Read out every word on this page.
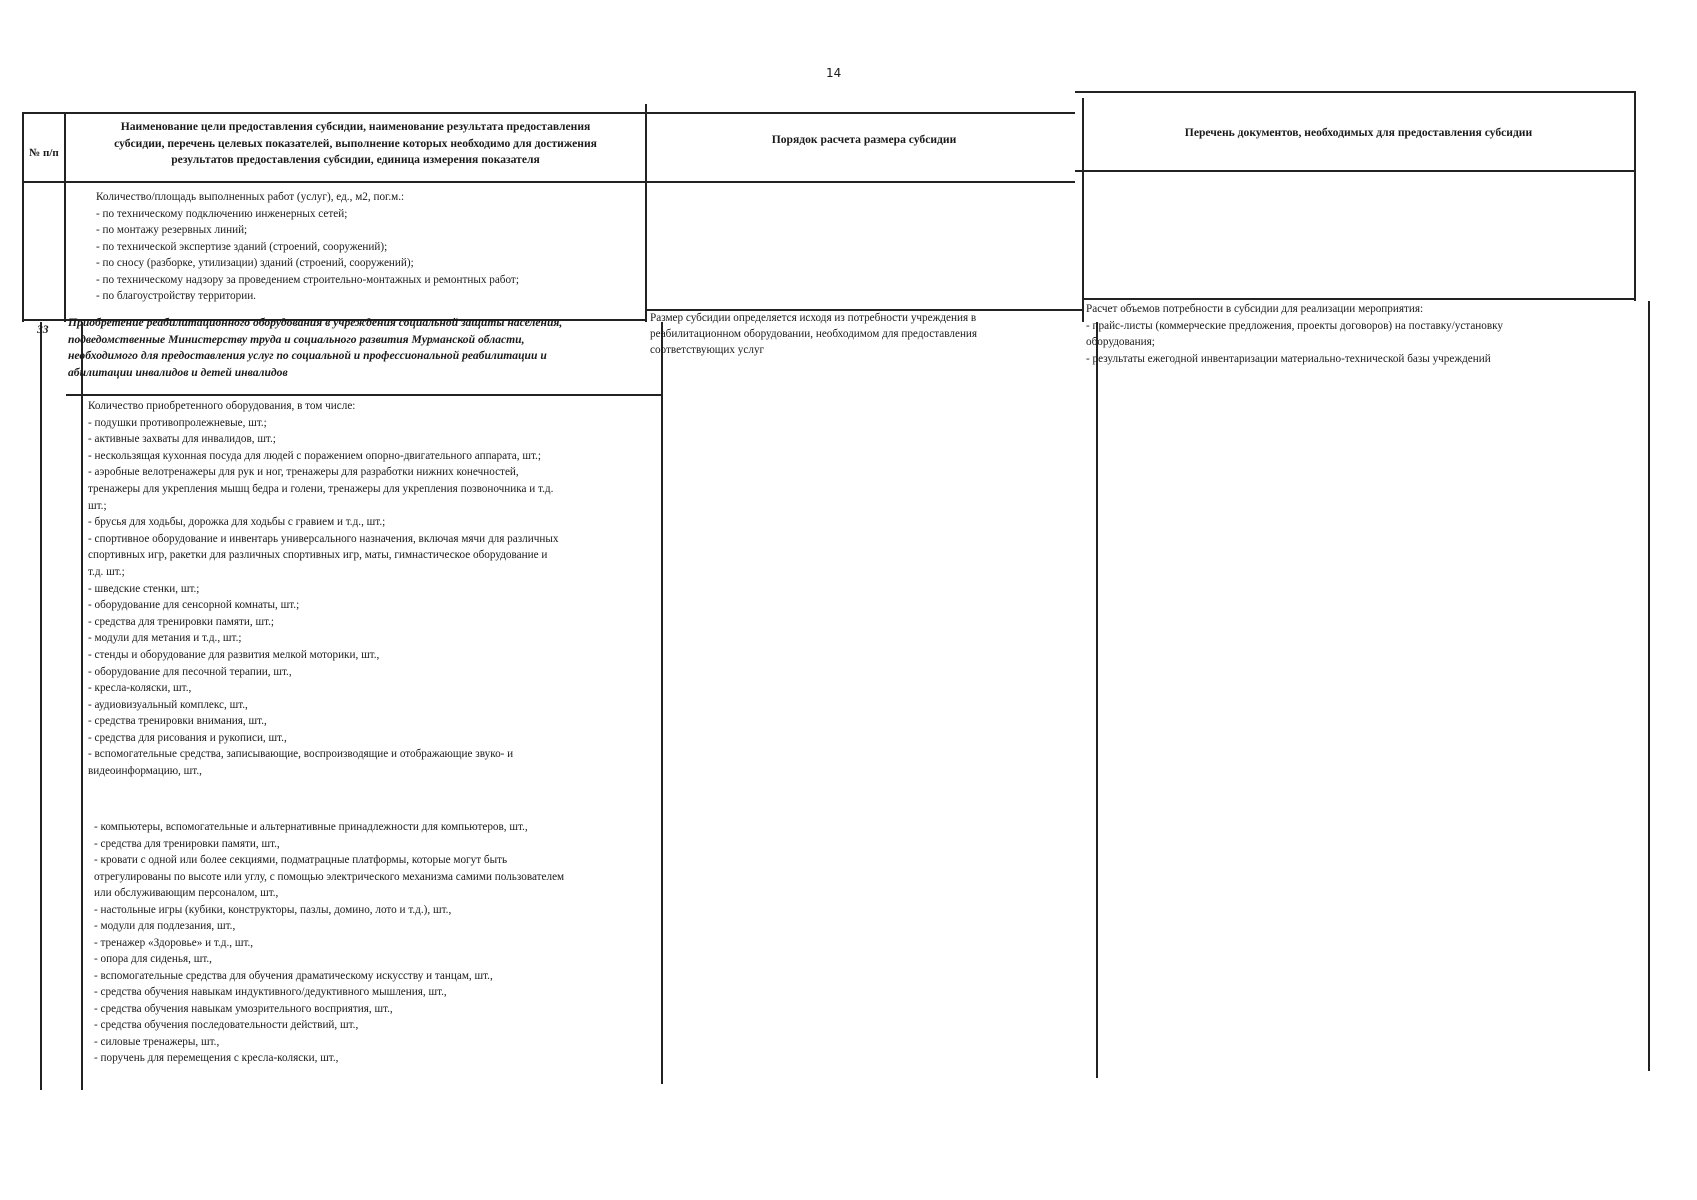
14
№ п/п
Наименование цели предоставления субсидии, наименование результата предоставления
субсидии, перечень целевых показателей, выполнение которых необходимо для достижения
результатов предоставления субсидии, единица измерения показателя
Порядок расчета размера субсидии
Перечень документов, необходимых для предоставления субсидии
Количество/площадь выполненных работ (услуг), ед., м2, пог.м.:
- по техническому подключению инженерных сетей;
- по монтажу резервных линий;
- по технической экспертизе зданий (строений, сооружений);
- по сносу (разборке, утилизации) зданий (строений, сооружений);
- по техническому надзору за проведением строительно-монтажных и ремонтных работ;
- по благоустройству территории.
33
Приобретение реабилитационного оборудования в учреждения социальной защиты населения,
подведомственные Министерству труда и социального развития Мурманской области,
необходимого для предоставления услуг по социальной и профессиональной реабилитации и
абилитации инвалидов и детей инвалидов
Размер субсидии определяется исходя из потребности учреждения в
реабилитационном оборудовании, необходимом для предоставления
соответствующих услуг
Расчет объемов потребности в субсидии для реализации мероприятия:
- прайс-листы (коммерческие предложения, проекты договоров) на поставку/установку
оборудования;
- результаты ежегодной инвентаризации материально-технической базы учреждений
Количество приобретенного оборудования, в том числе:
- подушки противопролежневые, шт.;
- активные захваты для инвалидов, шт.;
- нескользящая кухонная посуда для людей с поражением опорно-двигательного аппарата, шт.;
- аэробные велотренажеры для рук и ног, тренажеры для разработки нижних конечностей,
тренажеры для укрепления мышц бедра и голени, тренажеры для укрепления позвоночника и т.д.
шт.;
- брусья для ходьбы, дорожка для ходьбы с гравием и т.д., шт.;
- спортивное оборудование и инвентарь универсального назначения, включая мячи для различных
спортивных игр, ракетки для различных спортивных игр, маты, гимнастическое оборудование и
т.д. шт.;
- шведские стенки, шт.;
- оборудование для сенсорной комнаты, шт.;
- средства для тренировки памяти, шт.;
- модули для метания и т.д., шт.;
- стенды и оборудование для развития мелкой моторики, шт.,
- оборудование для песочной терапии, шт.,
- кресла-коляски, шт.,
- аудиовизуальный комплекс, шт.,
- средства тренировки внимания, шт.,
- средства для рисования и рукописи, шт.,
- вспомогательные средства, записывающие, воспроизводящие и отображающие звуко- и
видеоинформацию, шт.,
- компьютеры, вспомогательные и альтернативные принадлежности для компьютеров, шт.,
- средства для тренировки памяти, шт.,
- кровати с одной или более секциями, подматрацные платформы, которые могут быть
отрегулированы по высоте или углу, с помощью электрического механизма самими пользователем
или обслуживающим персоналом, шт.,
- настольные игры (кубики, конструкторы, пазлы, домино, лото и т.д.), шт.,
- модули для подлезания, шт.,
- тренажер «Здоровье» и т.д., шт.,
- опора для сиденья, шт.,
- вспомогательные средства для обучения драматическому искусству и танцам, шт.,
- средства обучения навыкам индуктивного/дедуктивного мышления, шт.,
- средства обучения навыкам умозрительного восприятия, шт.,
- средства обучения последовательности действий, шт.,
- силовые тренажеры, шт.,
- поручень для перемещения с кресла-коляски, шт.,
